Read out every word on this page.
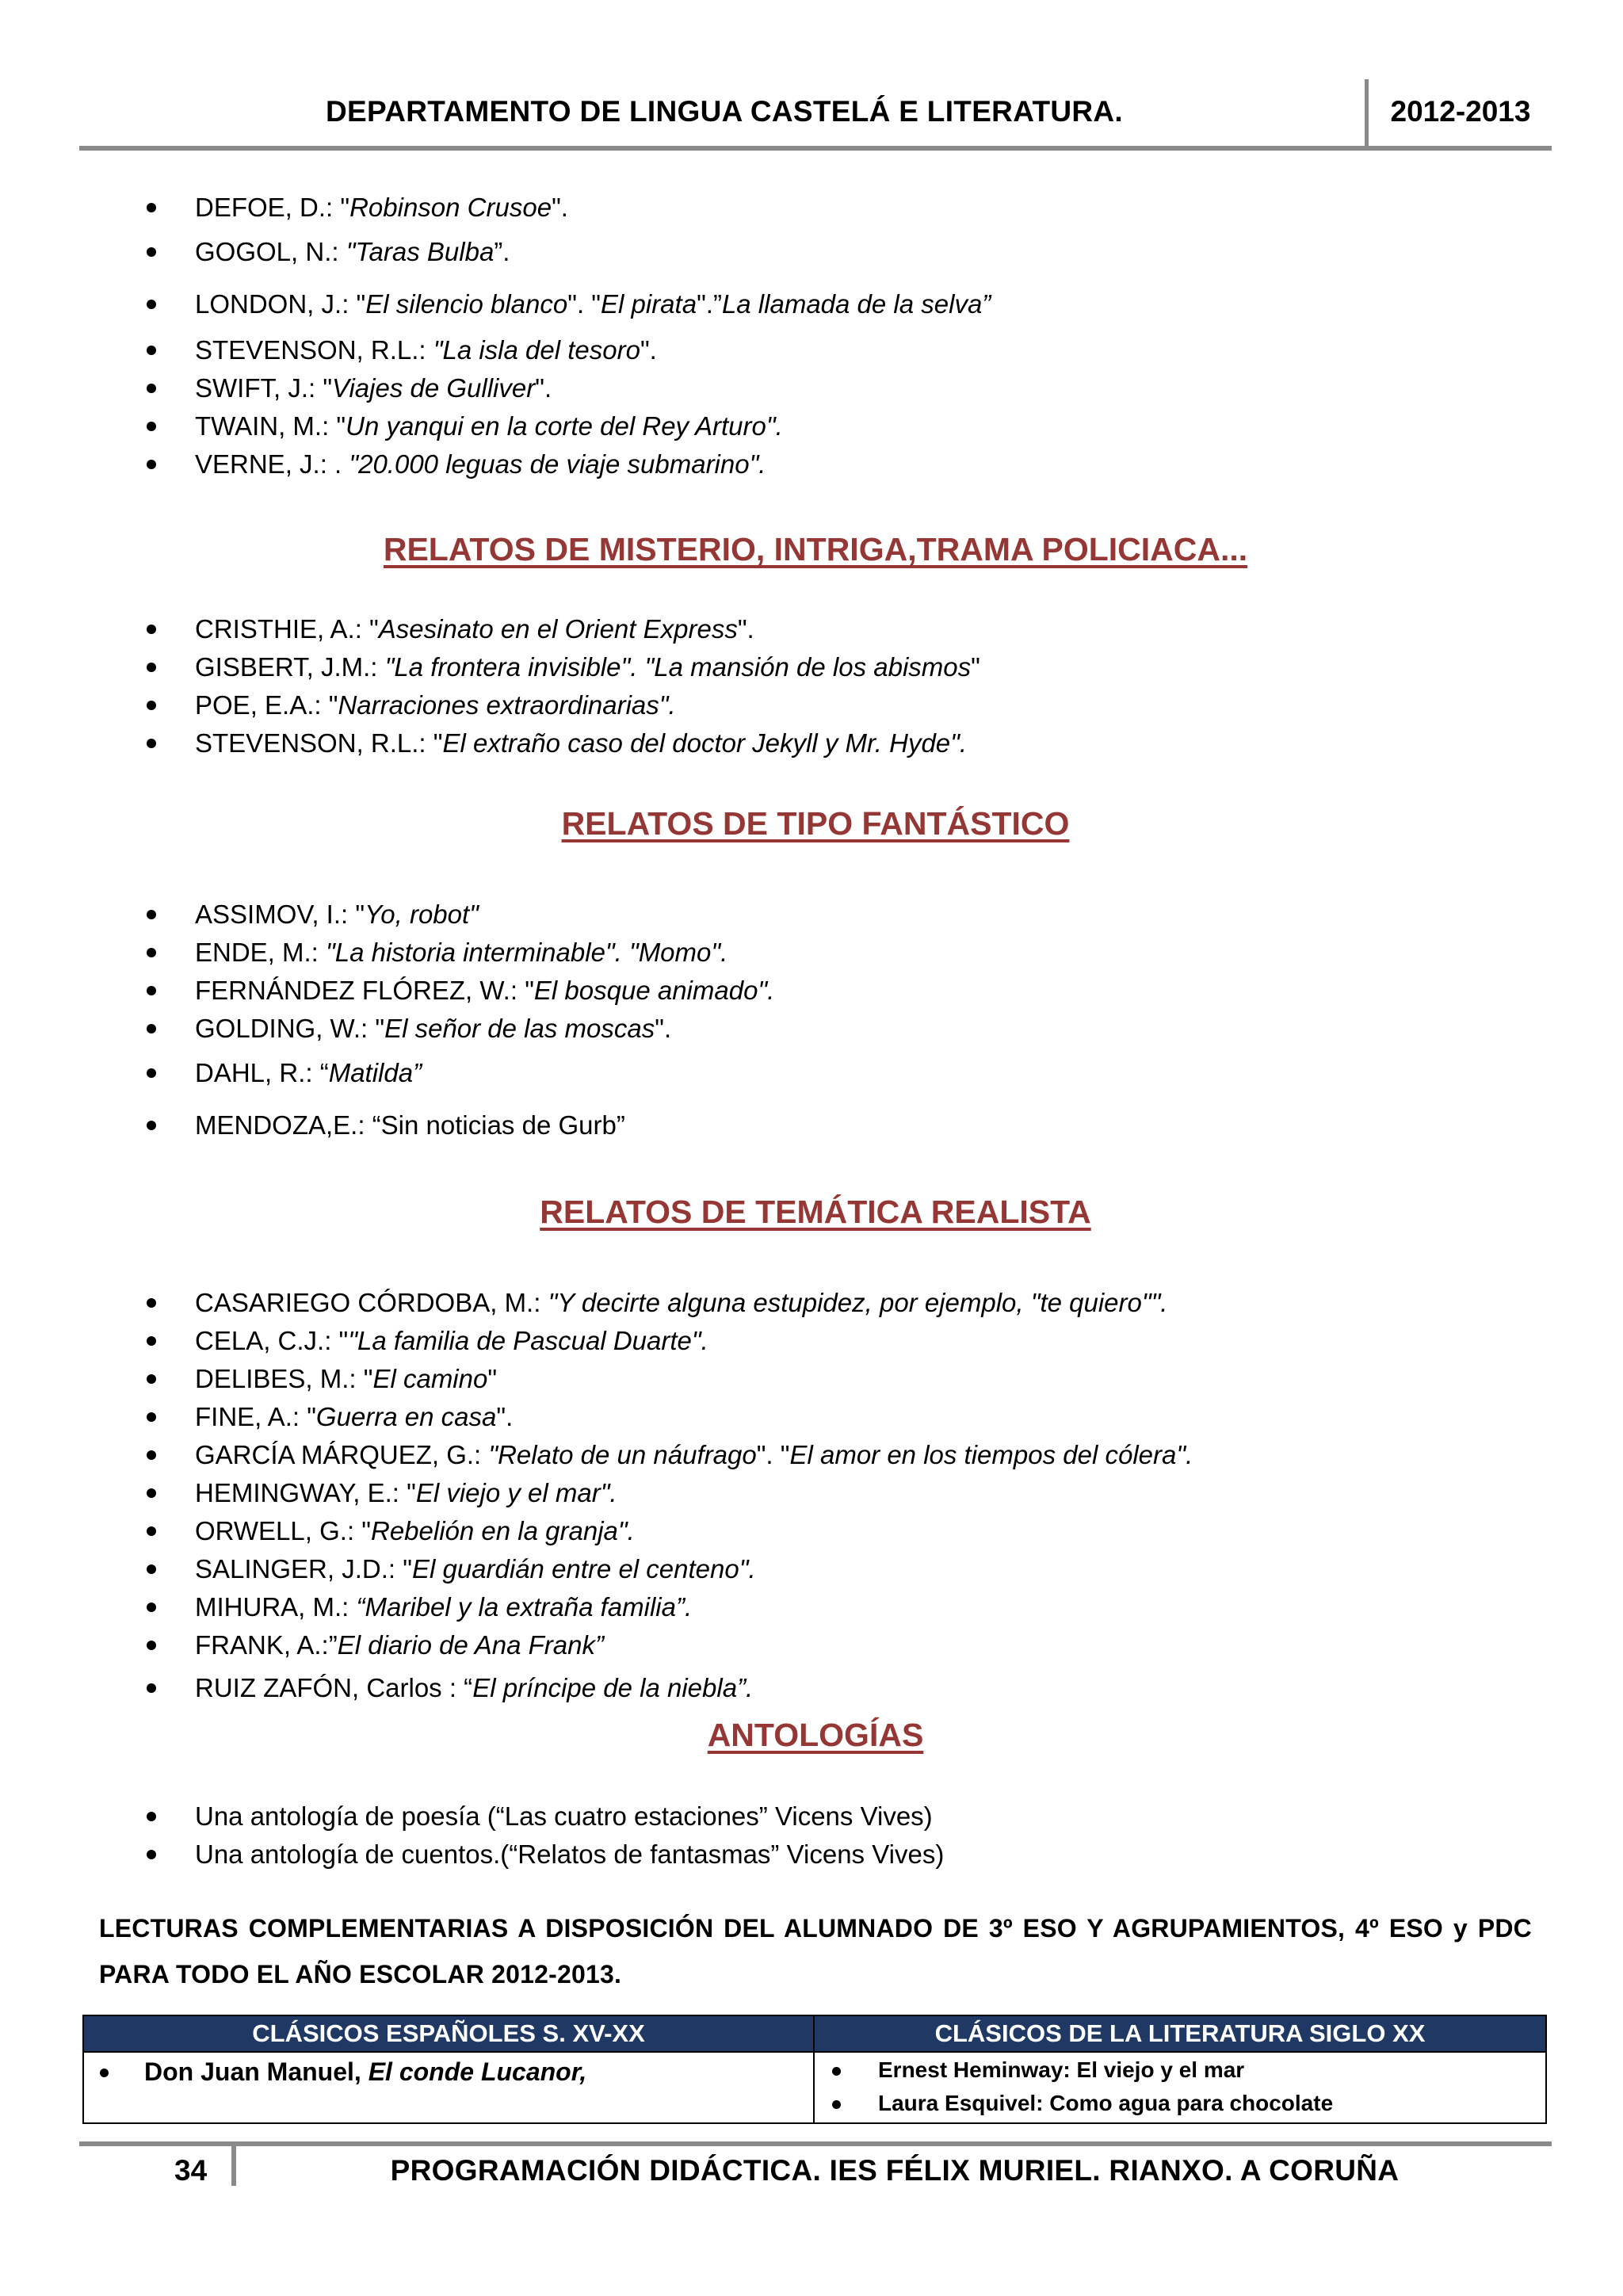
DEPARTAMENTO DE LINGUA CASTELÁ E LITERATURA.	2012-2013
DEFOE, D.: "Robinson Crusoe".
GOGOL, N.: "Taras Bulba”.
LONDON, J.: "El silencio blanco". "El pirata".”La llamada de la selva”
STEVENSON, R.L.: "La isla del tesoro".
SWIFT, J.: "Viajes de Gulliver".
TWAIN, M.: "Un yanqui en la corte del Rey Arturo".
VERNE, J.: . "20.000 leguas de viaje submarino".
RELATOS DE MISTERIO, INTRIGA,TRAMA POLICIACA...
CRISTHIE, A.: "Asesinato en el Orient Express".
GISBERT, J.M.: "La frontera invisible". "La mansión de los abismos"
POE, E.A.: "Narraciones extraordinarias".
STEVENSON, R.L.: "El extraño caso del doctor Jekyll y Mr. Hyde".
RELATOS DE TIPO FANTÁSTICO
ASSIMOV, I.: "Yo, robot"
ENDE, M.: "La historia interminable". "Momo".
FERNÁNDEZ FLÓREZ, W.: "El bosque animado".
GOLDING, W.: "El señor de las moscas".
DAHL, R.: “Matilda”
MENDOZA,E.: “Sin noticias de Gurb”
RELATOS DE TEMÁTICA REALISTA
CASARIEGO CÓRDOBA, M.: "Y decirte alguna estupidez, por ejemplo, "te quiero"".
CELA, C.J.: ""La familia de Pascual Duarte".
DELIBES, M.: "El camino"
FINE, A.: "Guerra en casa".
GARCÍA MÁRQUEZ, G.: "Relato de un náufrago". "El amor en los tiempos del cólera".
HEMINGWAY, E.: "El viejo y el mar".
ORWELL, G.: "Rebelión en la granja".
SALINGER, J.D.: "El guardián entre el centeno".
MIHURA, M.: “Maribel y la extraña familia”.
FRANK, A.:”El diario de Ana Frank”
RUIZ ZAFÓN, Carlos : “El príncipe de la niebla”.
ANTOLOGÍAS
Una antología de poesía (“Las cuatro estaciones” Vicens Vives)
Una antología de cuentos.(“Relatos de fantasmas” Vicens Vives)
LECTURAS COMPLEMENTARIAS A DISPOSICIÓN DEL ALUMNADO DE 3º ESO Y AGRUPAMIENTOS, 4º ESO y PDC PARA TODO EL AÑO ESCOLAR 2012-2013.
CLÁSICOS ESPAÑOLES S. XV-XX	CLÁSICOS DE LA LITERATURA SIGLO XX

Don Juan Manuel, El conde Lucanor,	Ernest Heminway: El viejo y el mar
Laura Esquivel: Como agua para chocolate
34	PROGRAMACIÓN DIDÁCTICA. IES FÉLIX MURIEL. RIANXO. A CORUÑA
